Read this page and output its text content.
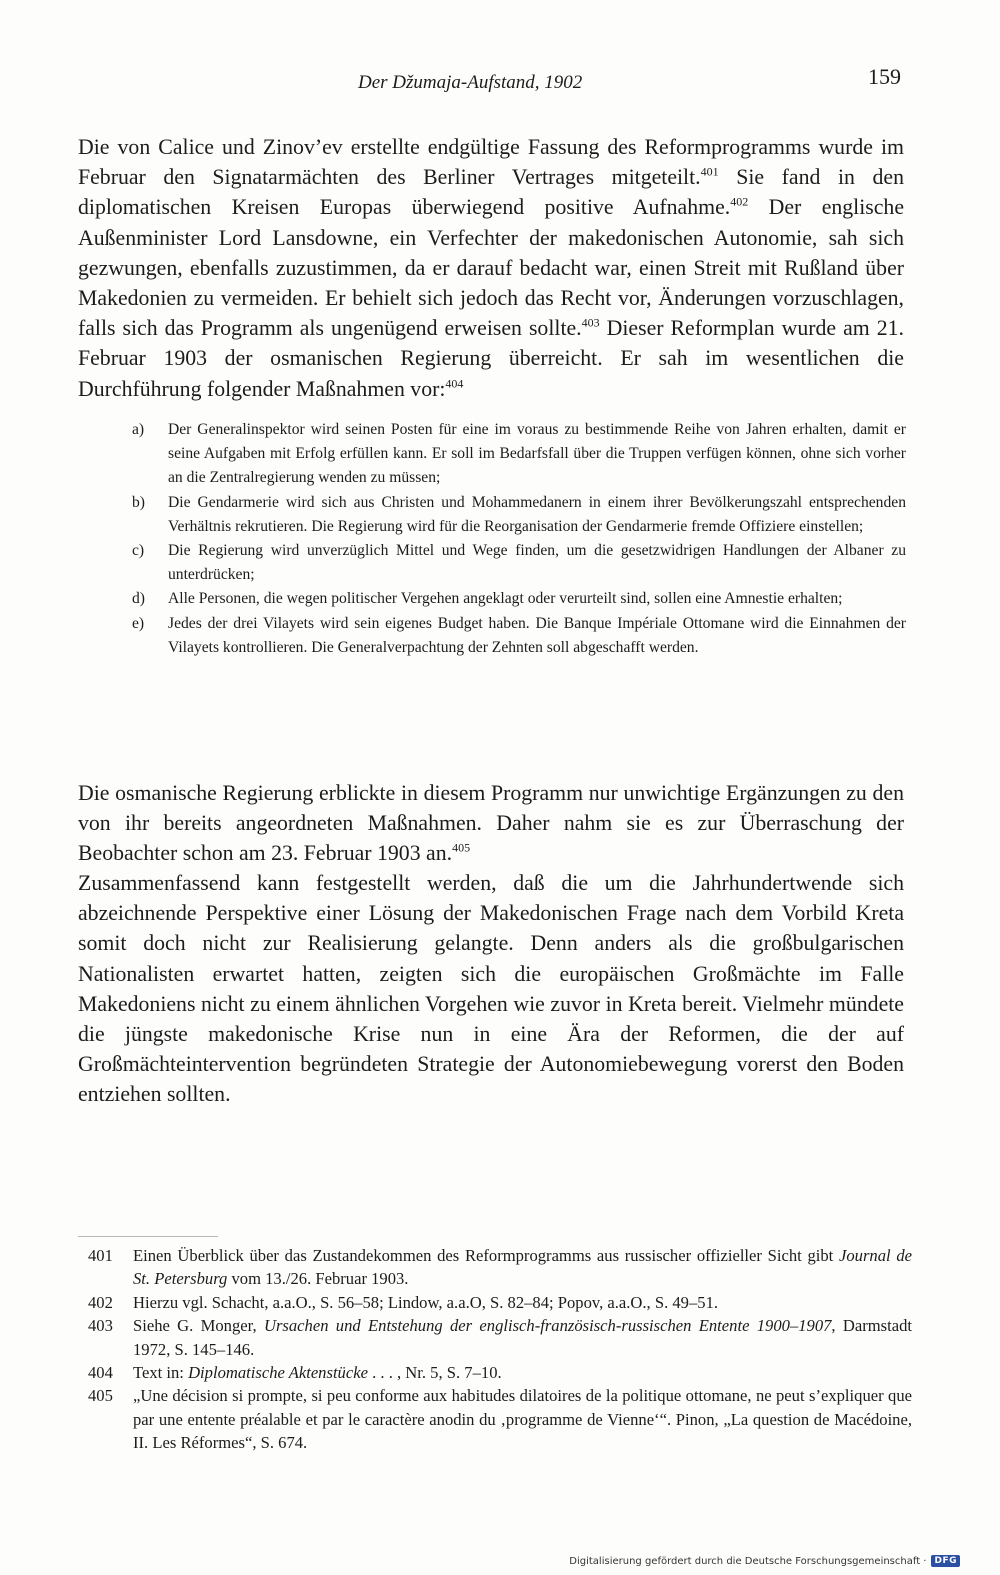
Der Džumaja-Aufstand, 1902	159

Die von Calice und Zinov’ev erstellte endgültige Fassung des Reformprogramms wurde im Februar den Signatarmächten des Berliner Vertrages mitgeteilt.$^{401}$ Sie fand in den diplomatischen Kreisen Europas überwiegend positive Aufnahme.$^{402}$ Der englische Außenminister Lord Lansdowne, ein Verfechter der makedonischen Autonomie, sah sich gezwungen, ebenfalls zuzustimmen, da er darauf bedacht war, einen Streit mit Rußland über Makedonien zu vermeiden. Er behielt sich jedoch das Recht vor, Änderungen vorzuschlagen, falls sich das Programm als ungenügend erweisen sollte.$^{403}$ Dieser Reformplan wurde am 21. Februar 1903 der osmanischen Regierung überreicht. Er sah im wesentlichen die Durchführung folgender Maßnahmen vor:$^{404}$

a) Der Generalinspektor wird seinen Posten für eine im voraus zu bestimmende Reihe von Jahren erhalten, damit er seine Aufgaben mit Erfolg erfüllen kann. Er soll im Bedarfsfall über die Truppen verfügen können, ohne sich vorher an die Zentralregierung wenden zu müssen;
b) Die Gendarmerie wird sich aus Christen und Mohammedanern in einem ihrer Bevölkerungszahl entsprechenden Verhältnis rekrutieren. Die Regierung wird für die Reorganisation der Gendarmerie fremde Offiziere einstellen;
c) Die Regierung wird unverzüglich Mittel und Wege finden, um die gesetzwidrigen Handlungen der Albaner zu unterdrücken;
d) Alle Personen, die wegen politischer Vergehen angeklagt oder verurteilt sind, sollen eine Amnestie erhalten;
e) Jedes der drei Vilayets wird sein eigenes Budget haben. Die Banque Impériale Ottomane wird die Einnahmen der Vilayets kontrollieren. Die Generalverpachtung der Zehnten soll abgeschafft werden.

Die osmanische Regierung erblickte in diesem Programm nur unwichtige Ergänzungen zu den von ihr bereits angeordneten Maßnahmen. Daher nahm sie es zur Überraschung der Beobachter schon am 23. Februar 1903 an.$^{405}$

Zusammenfassend kann festgestellt werden, daß die um die Jahrhundertwende sich abzeichnende Perspektive einer Lösung der Makedonischen Frage nach dem Vorbild Kreta somit doch nicht zur Realisierung gelangte. Denn anders als die großbulgarischen Nationalisten erwartet hatten, zeigten sich die europäischen Großmächte im Falle Makedoniens nicht zu einem ähnlichen Vorgehen wie zuvor in Kreta bereit. Vielmehr mündete die jüngste makedonische Krise nun in eine Ära der Reformen, die der auf Großmächteintervention begründeten Strategie der Autonomiebewegung vorerst den Boden entziehen sollten.

401 Einen Überblick über das Zustandekommen des Reformprogramms aus russischer offizieller Sicht gibt Journal de St. Petersburg vom 13./26. Februar 1903.
402 Hierzu vgl. Schacht, a.a.O., S. 56–58; Lindow, a.a.O, S. 82–84; Popov, a.a.O., S. 49–51.
403 Siehe G. Monger, Ursachen und Entstehung der englisch-französisch-russischen Entente 1900–1907, Darmstadt 1972, S. 145–146.
404 Text in: Diplomatische Aktenstücke . . . , Nr. 5, S. 7–10.
405 „Une décision si prompte, si peu conforme aux habitudes dilatoires de la politique ottomane, ne peut s’expliquer que par une entente préalable et par le caractère anodin du ‚programme de Vienne‘“. Pinon, „La question de Macédoine, II. Les Réformes“, S. 674.
Digitalisierung gefördert durch die Deutsche Forschungsgemeinschaft · DFG
